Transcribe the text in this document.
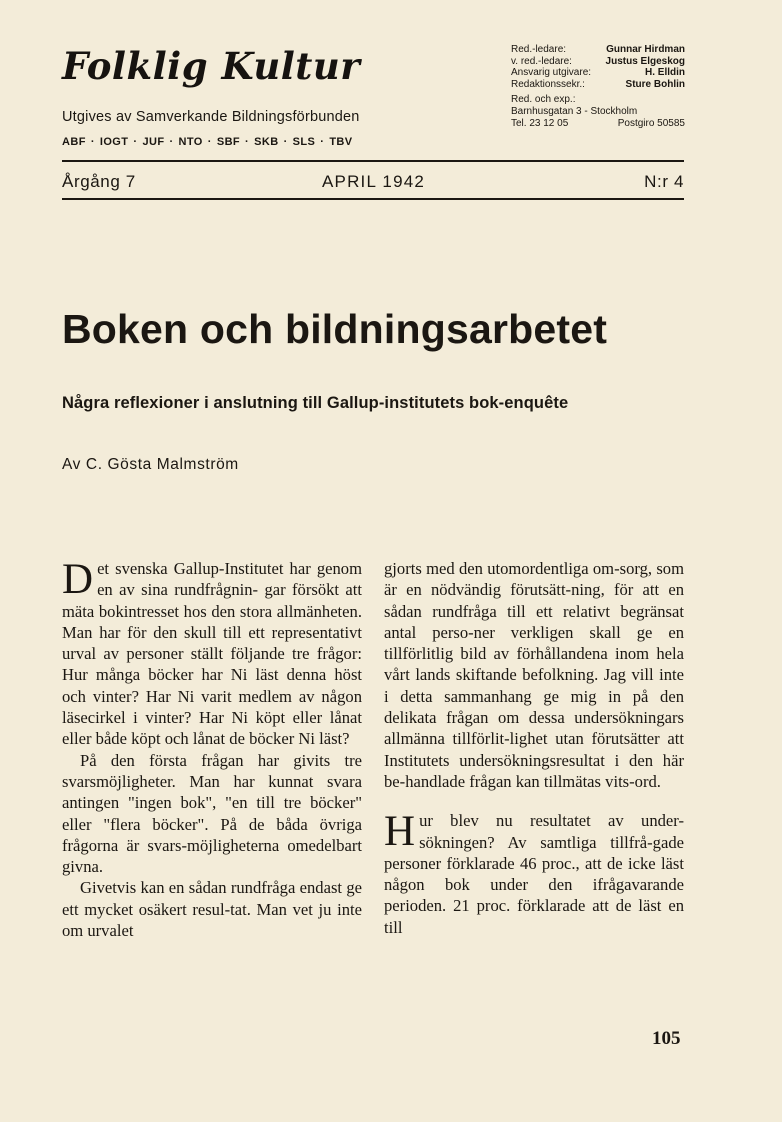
Folklig Kultur
Utgives av Samverkande Bildningsförbunden
ABF · IOGT · JUF · NTO · SBF · SKB · SLS · TBV
Red.-ledare:	Gunnar Hirdman
v. red.-ledare:	Justus Elgeskog
Ansvarig utgivare:	H. Elldin
Redaktionssekr.:	Sture Bohlin
Red. och exp.:
Barnhusgatan 3 - Stockholm
Tel. 23 12 05	Postgiro 50585
Årgång 7	APRIL 1942	N:r 4
Boken och bildningsarbetet
Några reflexioner i anslutning till Gallup-institutets bok-enquête
Av C. Gösta Malmström

Det svenska Gallup-Institutet har genom en av sina rundfrågnin- gar försökt att mäta bokintresset hos den stora allmänheten. Man har för den skull till ett representativt urval av personer ställt följande tre frågor: Hur många böcker har Ni läst denna höst och vinter? Har Ni varit medlem av någon läsecirkel i vinter? Har Ni köpt eller lånat eller både köpt och lånat de böcker Ni läst?

På den första frågan har givits tre svarsmöjligheter. Man har kunnat svara antingen "ingen bok", "en till tre böcker" eller "flera böcker". På de båda övriga frågorna är svars-möjligheterna omedelbart givna.

Givetvis kan en sådan rundfråga endast ge ett mycket osäkert resul-tat. Man vet ju inte om urvalet

gjorts med den utomordentliga om-sorg, som är en nödvändig förutsätt-ning, för att en sådan rundfråga till ett relativt begränsat antal perso-ner verkligen skall ge en tillförlitlig bild av förhållandena inom hela vårt lands skiftande befolkning. Jag vill inte i detta sammanhang ge mig in på den delikata frågan om dessa undersökningars allmänna tillförlit-lighet utan förutsätter att Institutets undersökningsresultat i den här be-handlade frågan kan tillmätas vits-ord.

Hur blev nu resultatet av under-sökningen? Av samtliga tillfrå-gade personer förklarade 46 proc., att de icke läst någon bok under den ifrågavarande perioden. 21 proc. förklarade att de läst en till

105
